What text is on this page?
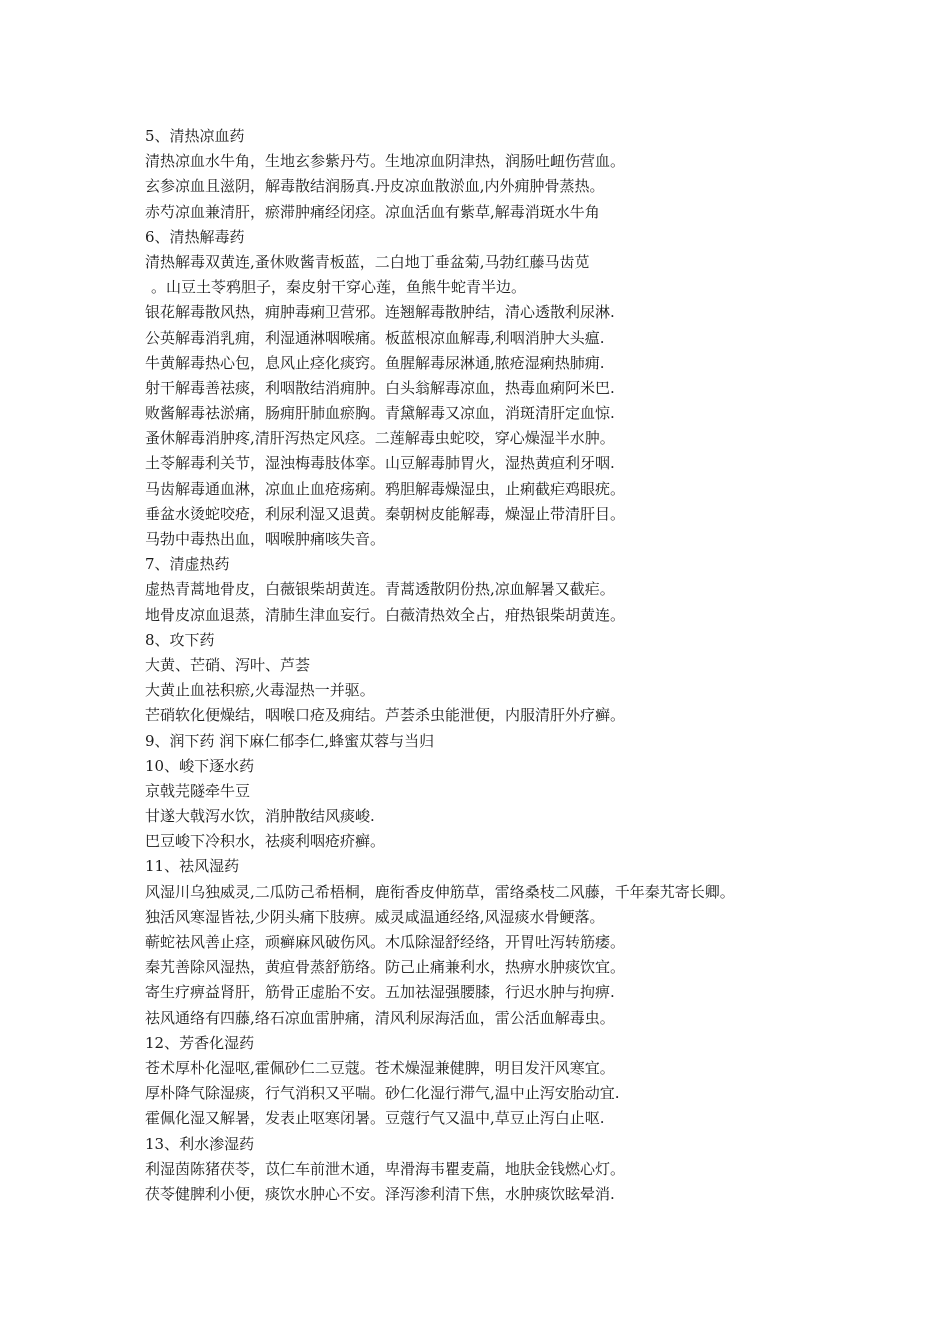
5、清热凉血药
清热凉血水牛角，生地玄参紫丹芍。生地凉血阴津热，润肠吐衄伤营血。
玄参凉血且滋阴，解毒散结润肠真.丹皮凉血散淤血,内外痈肿骨蒸热。
赤芍凉血兼清肝，瘀滞肿痛经闭痉。凉血活血有紫草,解毒消斑水牛角
6、清热解毒药
清热解毒双黄连,蚤休败酱青板蓝，二白地丁垂盆菊,马勃红藤马齿苋
。山豆土苓鸦胆子，秦皮射干穿心莲，鱼熊牛蛇青半边。
银花解毒散风热，痈肿毒痢卫营邪。连翘解毒散肿结，清心透散利尿淋.
公英解毒消乳痈，利湿通淋咽喉痛。板蓝根凉血解毒,利咽消肿大头瘟.
牛黄解毒热心包，息风止痉化痰窍。鱼腥解毒尿淋通,脓疮湿痢热肺痈.
射干解毒善祛痰，利咽散结消痈肿。白头翁解毒凉血，热毒血痢阿米巴.
败酱解毒祛淤痛，肠痈肝肺血瘀胸。青黛解毒又凉血，消斑清肝定血惊.
蚤休解毒消肿疼,清肝泻热定风痉。二莲解毒虫蛇咬，穿心燥湿半水肿。
土苓解毒利关节，湿浊梅毒肢体挛。山豆解毒肺胃火，湿热黄疸利牙咽.
马齿解毒通血淋，凉血止血疮疡痢。鸦胆解毒燥湿虫，止痢截疟鸡眼疣。
垂盆水烫蛇咬疮，利尿利湿又退黄。秦朝树皮能解毒，燥湿止带清肝目。
马勃中毒热出血，咽喉肿痛咳失音。
7、清虚热药
虚热青蒿地骨皮，白薇银柴胡黄连。青蒿透散阴份热,凉血解暑又截疟。
地骨皮凉血退蒸，清肺生津血妄行。白薇清热效全占，疳热银柴胡黄连。
8、攻下药
大黄、芒硝、泻叶、芦荟
大黄止血祛积瘀,火毒湿热一并驱。
芒硝软化便燥结，咽喉口疮及痈结。芦荟杀虫能泄便，内服清肝外疗癣。
9、润下药 润下麻仁郁李仁,蜂蜜苁蓉与当归
10、峻下逐水药
京戟芫隧牵牛豆
甘遂大戟泻水饮，消肿散结风痰峻.
巴豆峻下冷积水，祛痰利咽疮疥癣。
11、祛风湿药
风湿川乌独威灵,二瓜防己希梧桐，鹿衔香皮伸筋草，雷络桑枝二风藤，千年秦艽寄长卿。
独活风寒湿皆祛,少阴头痛下肢痹。威灵咸温通经络,风湿痰水骨鲠落。
蕲蛇祛风善止痉，顽癣麻风破伤风。木瓜除湿舒经络，开胃吐泻转筋痿。
秦艽善除风湿热，黄疸骨蒸舒筋络。防己止痛兼利水，热痹水肿痰饮宜。
寄生疗痹益肾肝，筋骨正虚胎不安。五加祛湿强腰膝，行迟水肿与拘痹.
祛风通络有四藤,络石凉血雷肿痛，清风利尿海活血，雷公活血解毒虫。
12、芳香化湿药
苍术厚朴化湿呕,霍佩砂仁二豆蔻。苍术燥湿兼健脾，明目发汗风寒宜。
厚朴降气除湿痰，行气消积又平喘。砂仁化湿行滞气,温中止泻安胎动宜.
霍佩化湿又解暑，发表止呕寒闭暑。豆蔻行气又温中,草豆止泻白止呕.
13、利水渗湿药
利湿茵陈猪茯苓，苡仁车前泄木通，卑滑海韦瞿麦萹，地肤金钱燃心灯。
茯苓健脾利小便，痰饮水肿心不安。泽泻渗利清下焦，水肿痰饮眩晕消.
